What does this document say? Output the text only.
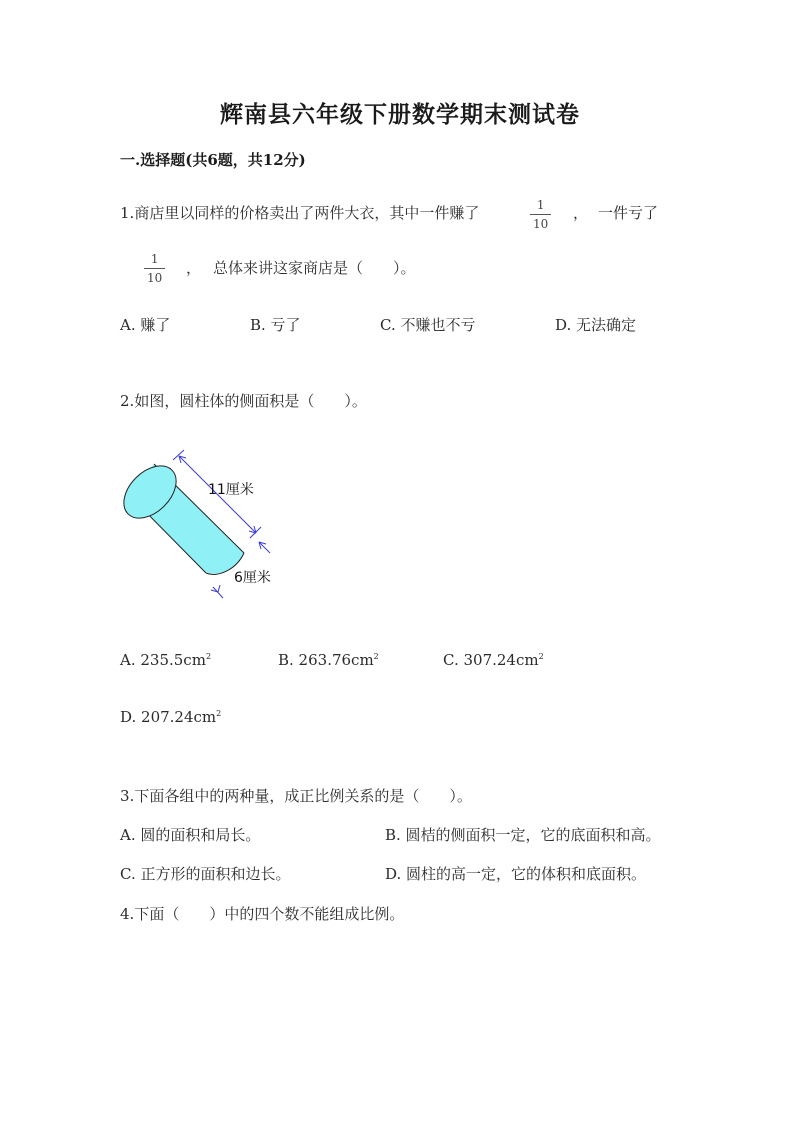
辉南县六年级下册数学期末测试卷
一.选择题(共6题，共12分)
1.商店里以同样的价格卖出了两件大衣，其中一件赚了	$\frac{1}{10}$ ， 一件亏了
$\frac{1}{10}$ ， 总体来讲这家商店是（　　）。
A. 赚了	B. 亏了	C. 不赚也不亏	D. 无法确定
2.如图，圆柱体的侧面积是（　　）。
11厘米
6厘米
A. $235.5cm^2$	B. $263.76cm^2$	C. $307.24cm^2$
D. $207.24cm^2$
3.下面各组中的两种量，成正比例关系的是（　　）。
A. 圆的面积和局长。	B. 圆桔的侧面积一定，它的底面积和高。
C. 正方形的面积和边长。	D. 圆柱的高一定，它的体积和底面积。
4.下面（　　）中的四个数不能组成比例。
